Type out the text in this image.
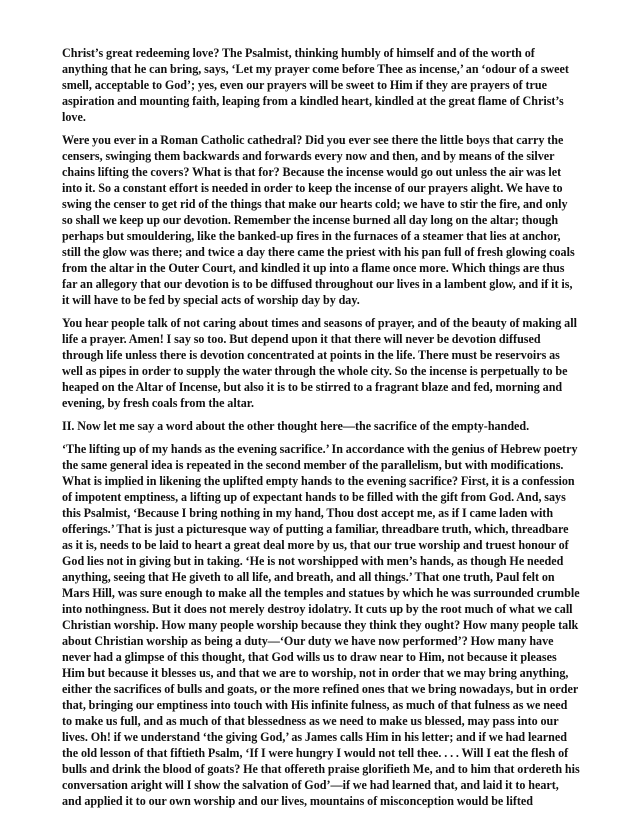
Christ’s great redeeming love? The Psalmist, thinking humbly of himself and of the worth of anything that he can bring, says, ‘Let my prayer come before Thee as incense,’ an ‘odour of a sweet smell, acceptable to God’; yes, even our prayers will be sweet to Him if they are prayers of true aspiration and mounting faith, leaping from a kindled heart, kindled at the great flame of Christ’s love.

Were you ever in a Roman Catholic cathedral? Did you ever see there the little boys that carry the censers, swinging them backwards and forwards every now and then, and by means of the silver chains lifting the covers? What is that for? Because the incense would go out unless the air was let into it. So a constant effort is needed in order to keep the incense of our prayers alight. We have to swing the censer to get rid of the things that make our hearts cold; we have to stir the fire, and only so shall we keep up our devotion. Remember the incense burned all day long on the altar; though perhaps but smouldering, like the banked-up fires in the furnaces of a steamer that lies at anchor, still the glow was there; and twice a day there came the priest with his pan full of fresh glowing coals from the altar in the Outer Court, and kindled it up into a flame once more. Which things are thus far an allegory that our devotion is to be diffused throughout our lives in a lambent glow, and if it is, it will have to be fed by special acts of worship day by day.

You hear people talk of not caring about times and seasons of prayer, and of the beauty of making all life a prayer. Amen! I say so too. But depend upon it that there will never be devotion diffused through life unless there is devotion concentrated at points in the life. There must be reservoirs as well as pipes in order to supply the water through the whole city. So the incense is perpetually to be heaped on the Altar of Incense, but also it is to be stirred to a fragrant blaze and fed, morning and evening, by fresh coals from the altar.

II. Now let me say a word about the other thought here—the sacrifice of the empty-handed.

‘The lifting up of my hands as the evening sacrifice.’ In accordance with the genius of Hebrew poetry the same general idea is repeated in the second member of the parallelism, but with modifications. What is implied in likening the uplifted empty hands to the evening sacrifice? First, it is a confession of impotent emptiness, a lifting up of expectant hands to be filled with the gift from God. And, says this Psalmist, ‘Because I bring nothing in my hand, Thou dost accept me, as if I came laden with offerings.’ That is just a picturesque way of putting a familiar, threadbare truth, which, threadbare as it is, needs to be laid to heart a great deal more by us, that our true worship and truest honour of God lies not in giving but in taking. ‘He is not worshipped with men’s hands, as though He needed anything, seeing that He giveth to all life, and breath, and all things.’ That one truth, Paul felt on Mars Hill, was sure enough to make all the temples and statues by which he was surrounded crumble into nothingness. But it does not merely destroy idolatry. It cuts up by the root much of what we call Christian worship. How many people worship because they think they ought? How many people talk about Christian worship as being a duty—‘Our duty we have now performed’? How many have never had a glimpse of this thought, that God wills us to draw near to Him, not because it pleases Him but because it blesses us, and that we are to worship, not in order that we may bring anything, either the sacrifices of bulls and goats, or the more refined ones that we bring nowadays, but in order that, bringing our emptiness into touch with His infinite fulness, as much of that fulness as we need to make us full, and as much of that blessedness as we need to make us blessed, may pass into our lives. Oh! if we understand ‘the giving God,’ as James calls Him in his letter; and if we had learned the old lesson of that fiftieth Psalm, ‘If I were hungry I would not tell thee. . . . Will I eat the flesh of bulls and drink the blood of goats? He that offereth praise glorifieth Me, and to him that ordereth his conversation aright will I show the salvation of God’—if we had learned that, and laid it to heart, and applied it to our own worship and our lives, mountains of misconception would be lifted
